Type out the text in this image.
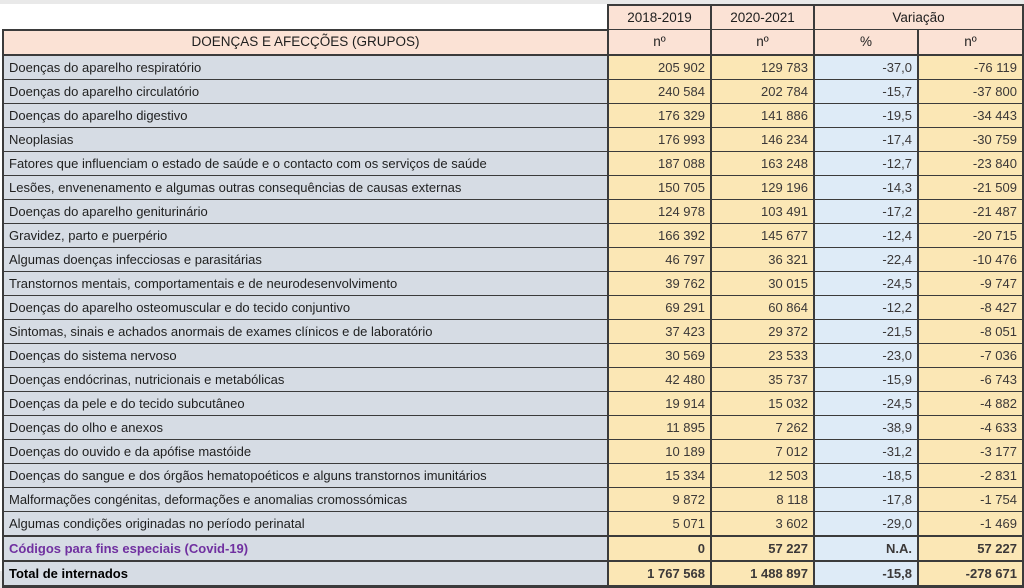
	2018-2019	2020-2021	Variação	
DOENÇAS E AFECÇÕES (GRUPOS)	nº	nº	%	nº
Doenças do aparelho respiratório	205 902	129 783	-37,0	-76 119
Doenças do aparelho circulatório	240 584	202 784	-15,7	-37 800
Doenças do aparelho digestivo	176 329	141 886	-19,5	-34 443
Neoplasias	176 993	146 234	-17,4	-30 759
Fatores que influenciam o estado de saúde e o contacto com os serviços de saúde	187 088	163 248	-12,7	-23 840
Lesões, envenenamento e algumas outras consequências de causas externas	150 705	129 196	-14,3	-21 509
Doenças do aparelho geniturinário	124 978	103 491	-17,2	-21 487
Gravidez, parto e puerpério	166 392	145 677	-12,4	-20 715
Algumas doenças infecciosas e parasitárias	46 797	36 321	-22,4	-10 476
Transtornos mentais, comportamentais e de neurodesenvolvimento	39 762	30 015	-24,5	-9 747
Doenças do aparelho osteomuscular e do tecido conjuntivo	69 291	60 864	-12,2	-8 427
Sintomas, sinais e achados anormais de exames clínicos e de laboratório	37 423	29 372	-21,5	-8 051
Doenças do sistema nervoso	30 569	23 533	-23,0	-7 036
Doenças endócrinas, nutricionais e metabólicas	42 480	35 737	-15,9	-6 743
Doenças da pele e do tecido subcutâneo	19 914	15 032	-24,5	-4 882
Doenças do olho e anexos	11 895	7 262	-38,9	-4 633
Doenças do ouvido e da apófise mastóide	10 189	7 012	-31,2	-3 177
Doenças do sangue e dos órgãos hematopoéticos e alguns transtornos imunitários	15 334	12 503	-18,5	-2 831
Malformações congénitas, deformações e anomalias cromossómicas	9 872	8 118	-17,8	-1 754
Algumas condições originadas no período perinatal	5 071	3 602	-29,0	-1 469
Códigos para fins especiais (Covid-19)	0	57 227	N.A.	57 227
Total de internados	1 767 568	1 488 897	-15,8	-278 671
